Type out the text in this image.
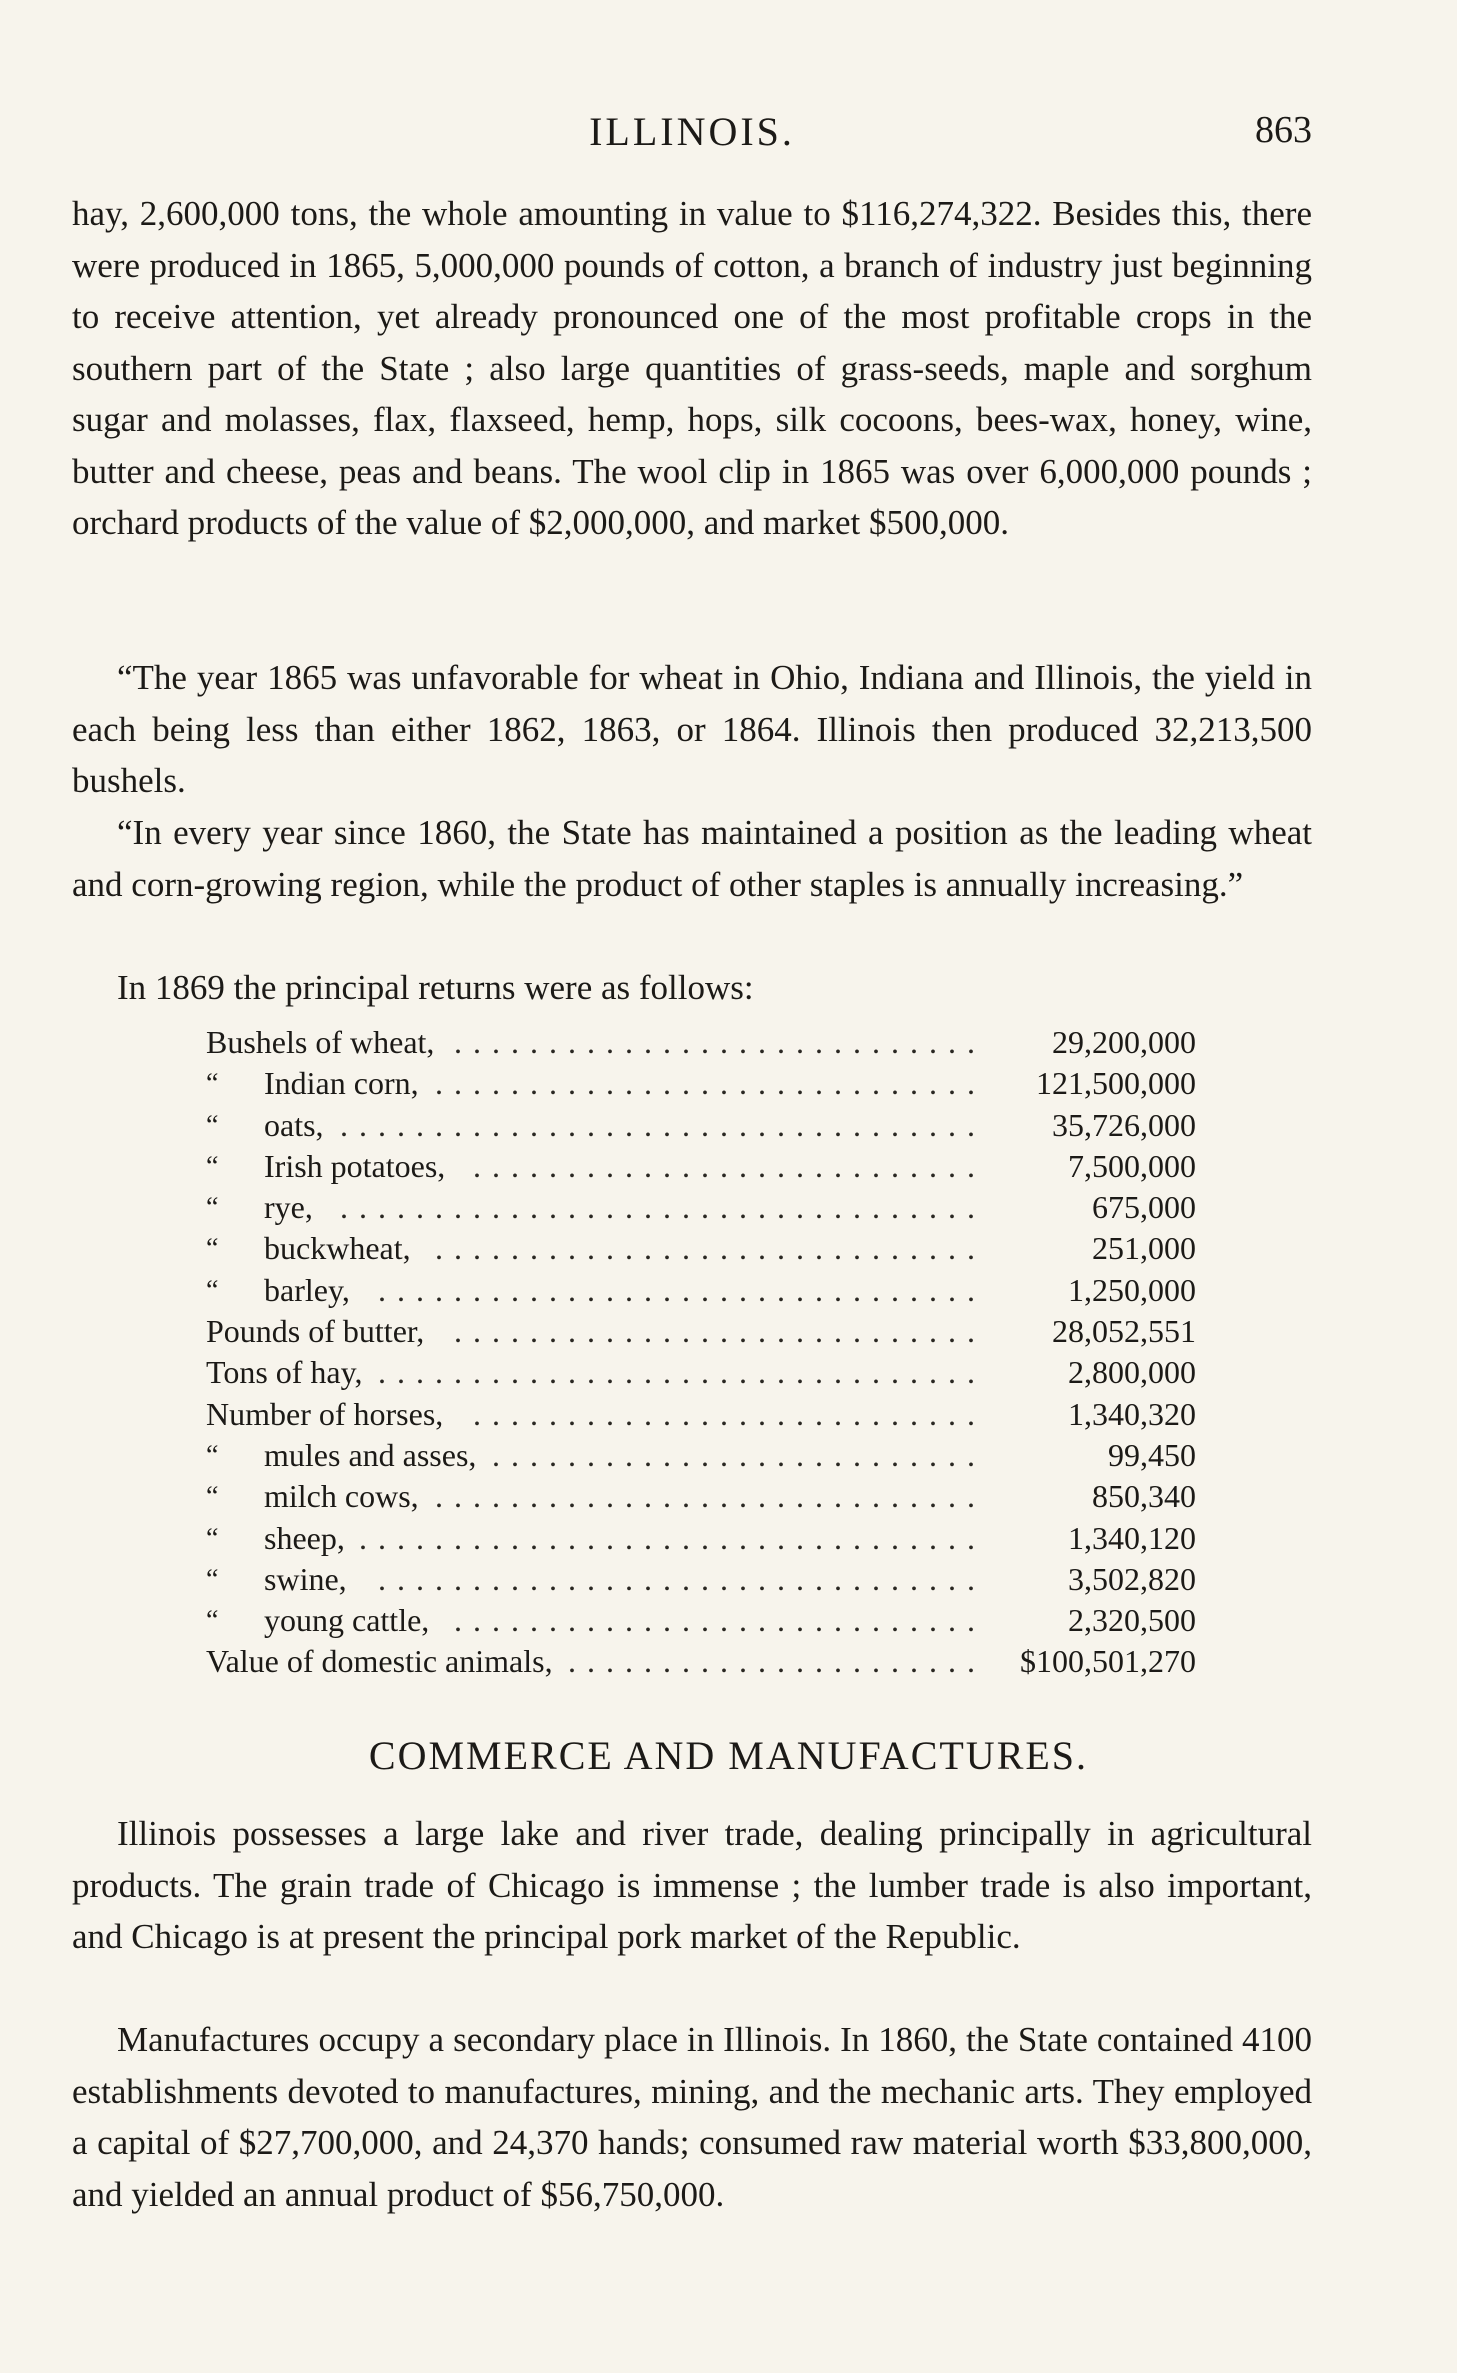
ILLINOIS.	863

hay, 2,600,000 tons, the whole amounting in value to $116,274,322. Besides this, there were produced in 1865, 5,000,000 pounds of cotton, a branch of industry just beginning to receive attention, yet already pronounced one of the most profitable crops in the southern part of the State ; also large quantities of grass-seeds, maple and sorghum sugar and molasses, flax, flaxseed, hemp, hops, silk cocoons, bees-wax, honey, wine, butter and cheese, peas and beans. The wool clip in 1865 was over 6,000,000 pounds ; orchard products of the value of $2,000,000, and market $500,000.

“The year 1865 was unfavorable for wheat in Ohio, Indiana and Illinois, the yield in each being less than either 1862, 1863, or 1864. Illinois then produced 32,213,500 bushels.

“In every year since 1860, the State has maintained a position as the leading wheat and corn-growing region, while the product of other staples is annually increasing.”

In 1869 the principal returns were as follows:

Bushels of wheat, ............................ 29,200,000
“ Indian corn, ............................. 121,500,000
“ oats, .................................. 35,726,000
“ Irish potatoes, ...........................	7,500,000
“ rye, ..................................	675,000
“ buckwheat, .............................	251,000
“ barley, ................................	1,250,000
Pounds of butter, ............................ 28,052,551
Tons of hay, ................................	2,800,000
Number of horses, ...........................	1,340,320
“ mules and asses, ..........................	99,450
“ milch cows, .............................	850,340
“ sheep, .................................	1,340,120
“ swine, ................................	3,502,820
“ young cattle, ............................	2,320,500
Value of domestic animals, ...................... $100,501,270
COMMERCE AND MANUFACTURES.

Illinois possesses a large lake and river trade, dealing principally in agricultural products. The grain trade of Chicago is immense ; the lumber trade is also important, and Chicago is at present the principal pork market of the Republic.

Manufactures occupy a secondary place in Illinois. In 1860, the State contained 4100 establishments devoted to manufactures, mining, and the mechanic arts. They employed a capital of $27,700,000, and 24,370 hands; consumed raw material worth $33,800,000, and yielded an annual product of $56,750,000.
